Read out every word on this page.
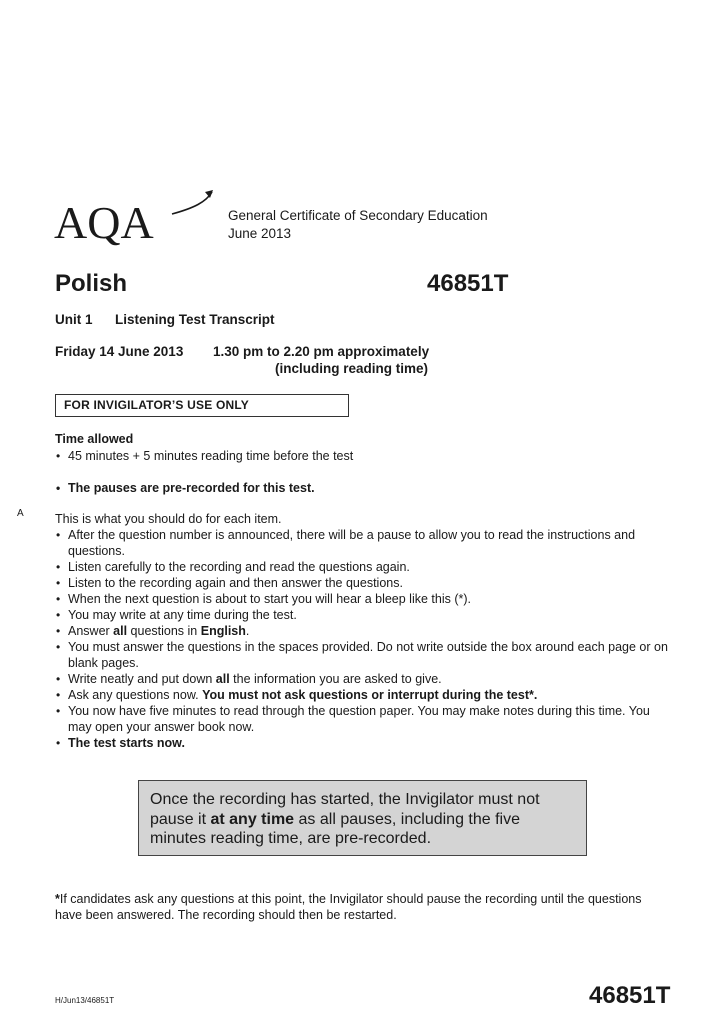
AQA	General Certificate of Secondary Education
June 2013
Polish	46851T
Unit 1 Listening Test Transcript
Friday 14 June 2013 1.30 pm to 2.20 pm approximately
(including reading time)
FOR INVIGILATOR’S USE ONLY
Time allowed
• 45 minutes + 5 minutes reading time before the test
• The pauses are pre-recorded for this test.
A	This is what you should do for each item.
• After the question number is announced, there will be a pause to allow you to read the instructions and questions.
• Listen carefully to the recording and read the questions again.
• Listen to the recording again and then answer the questions.
• When the next question is about to start you will hear a bleep like this (*).
• You may write at any time during the test.
• Answer all questions in English.
• You must answer the questions in the spaces provided. Do not write outside the box around each page or on blank pages.
• Write neatly and put down all the information you are asked to give.
• Ask any questions now. You must not ask questions or interrupt during the test*.
• You now have five minutes to read through the question paper. You may make notes during this time. You may open your answer book now.
• The test starts now.
Once the recording has started, the Invigilator must not pause it at any time as all pauses, including the five minutes reading time, are pre-recorded.
*If candidates ask any questions at this point, the Invigilator should pause the recording until the questions have been answered. The recording should then be restarted.
H/Jun13/46851T	46851T
